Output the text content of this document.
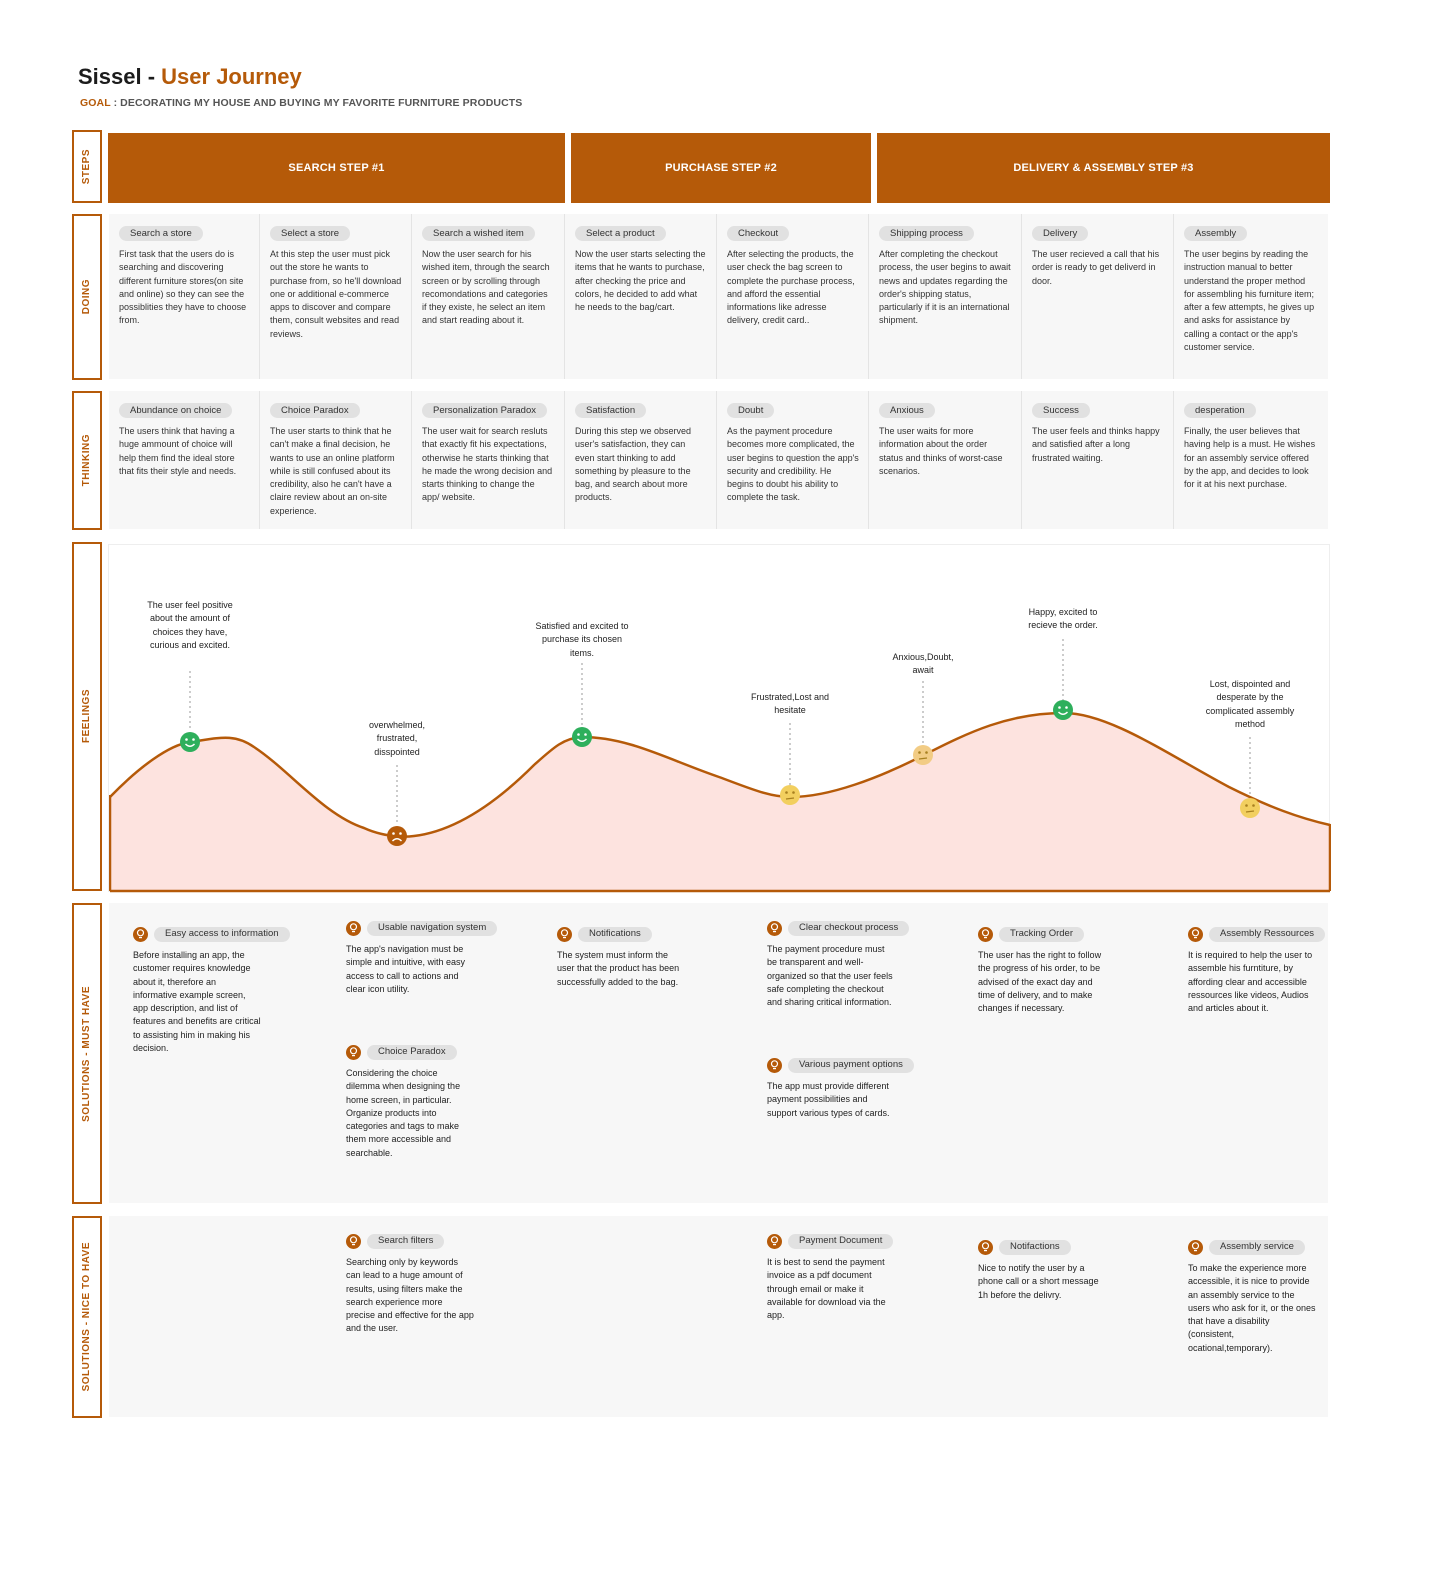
Sissel - User Journey
GOAL : DECORATING MY HOUSE AND BUYING MY FAVORITE FURNITURE PRODUCTS
STEPS
DOING
THINKING
FEELINGS
SOLUTIONS - MUST HAVE
SOLUTIONS - NICE TO HAVE
SEARCH STEP #1	PURCHASE STEP #2	DELIVERY & ASSEMBLY STEP #3
Search a store
First task that the users do is searching and discovering different furniture stores(on site and online) so they can see the possiblities they have to choose from.
Select a store
At this step the user must pick out the store he wants to purchase from, so he'll download one or additional e-commerce apps to discover and compare them, consult websites and read reviews.
Search a wished item
Now the user search for his wished item, through the search screen or by scrolling through recomondations and categories if they existe, he select an item and start reading about it.
Select a product
Now the user starts selecting the items that he wants to purchase, after checking the price and colors, he decided to add what he needs to the bag/cart.
Checkout
After selecting the products, the user check the bag screen to complete the purchase process, and afford the essential informations like adresse delivery, credit card..
Shipping process
After completing the checkout process, the user begins to await news and updates regarding the order's shipping status, particularly if it is an international shipment.
Delivery
The user recieved a call that his order is ready to get deliverd in door.
Assembly
The user begins by reading the instruction manual to better understand the proper method for assembling his furniture item; after a few attempts, he gives up and asks for assistance by calling a contact or the app's customer service.
Abundance on choice
The users think that having a huge ammount of choice will help them find the ideal store that fits their style and needs.
Choice Paradox
The user starts to think that he can't make a final decision, he wants to use an online platform while is still confused about its credibility, also he can't have a claire review about an on-site experience.
Personalization Paradox
The user wait for search resluts that exactly fit his expectations, otherwise he starts thinking that he made the wrong decision and starts thinking to change the app/ website.
Satisfaction
During this step we observed user's satisfaction, they can even start thinking to add something by pleasure to the bag, and search about more products.
Doubt
As the payment procedure becomes more complicated, the user begins to question the app's security and credibility. He begins to doubt his ability to complete the task.
Anxious
The user waits for more information about the order status and thinks of worst-case scenarios.
Success
The user feels and thinks happy and satisfied after a long frustrated waiting.
desperation
Finally, the user believes that having help is a must. He wishes for an assembly service offered by the app, and decides to look for it at his next purchase.
The user feel positive about the amount of choices they have, curious and excited.
overwhelmed, frustrated, disspointed
Satisfied and excited to purchase its chosen items.
Frustrated,Lost and hesitate
Anxious,Doubt, await
Happy, excited to recieve the order.
Lost, dispointed and desperate by the complicated assembly method
Easy access to information
Before installing an app, the customer requires knowledge about it, therefore an informative example screen, app description, and list of features and benefits are critical to assisting him in making his decision.
Usable navigation system
The app's navigation must be simple and intuitive, with easy access to call to actions and clear icon utility.
Choice Paradox
Considering the choice dilemma when designing the home screen, in particular. Organize products into categories and tags to make them more accessible and searchable.
Notifications
The system must inform the user that the product has been successfully added to the bag.
Clear checkout process
The payment procedure must be transparent and well-organized so that the user feels safe completing the checkout and sharing critical information.
Various payment options
The app must provide different payment possibilities and support various types of cards.
Tracking Order
The user has the right to follow the progress of his order, to be advised of the exact day and time of delivery, and to make changes if necessary.
Assembly Ressources
It is required to help the user to assemble his furntiture, by affording clear and accessible ressources like videos, Audios and articles about it.
Search filters
Searching only by keywords can lead to a huge amount of results, using filters make the search experience more precise and effective for the app and the user.
Payment Document
It is best to send the payment invoice as a pdf document through email or make it available for download via the app.
Notifactions
Nice to notify the user by a phone call or a short message 1h before the delivry.
Assembly service
To make the experience more accessible, it is nice to provide an assembly service to the users who ask for it, or the ones that have a disability (consistent, ocational,temporary).
